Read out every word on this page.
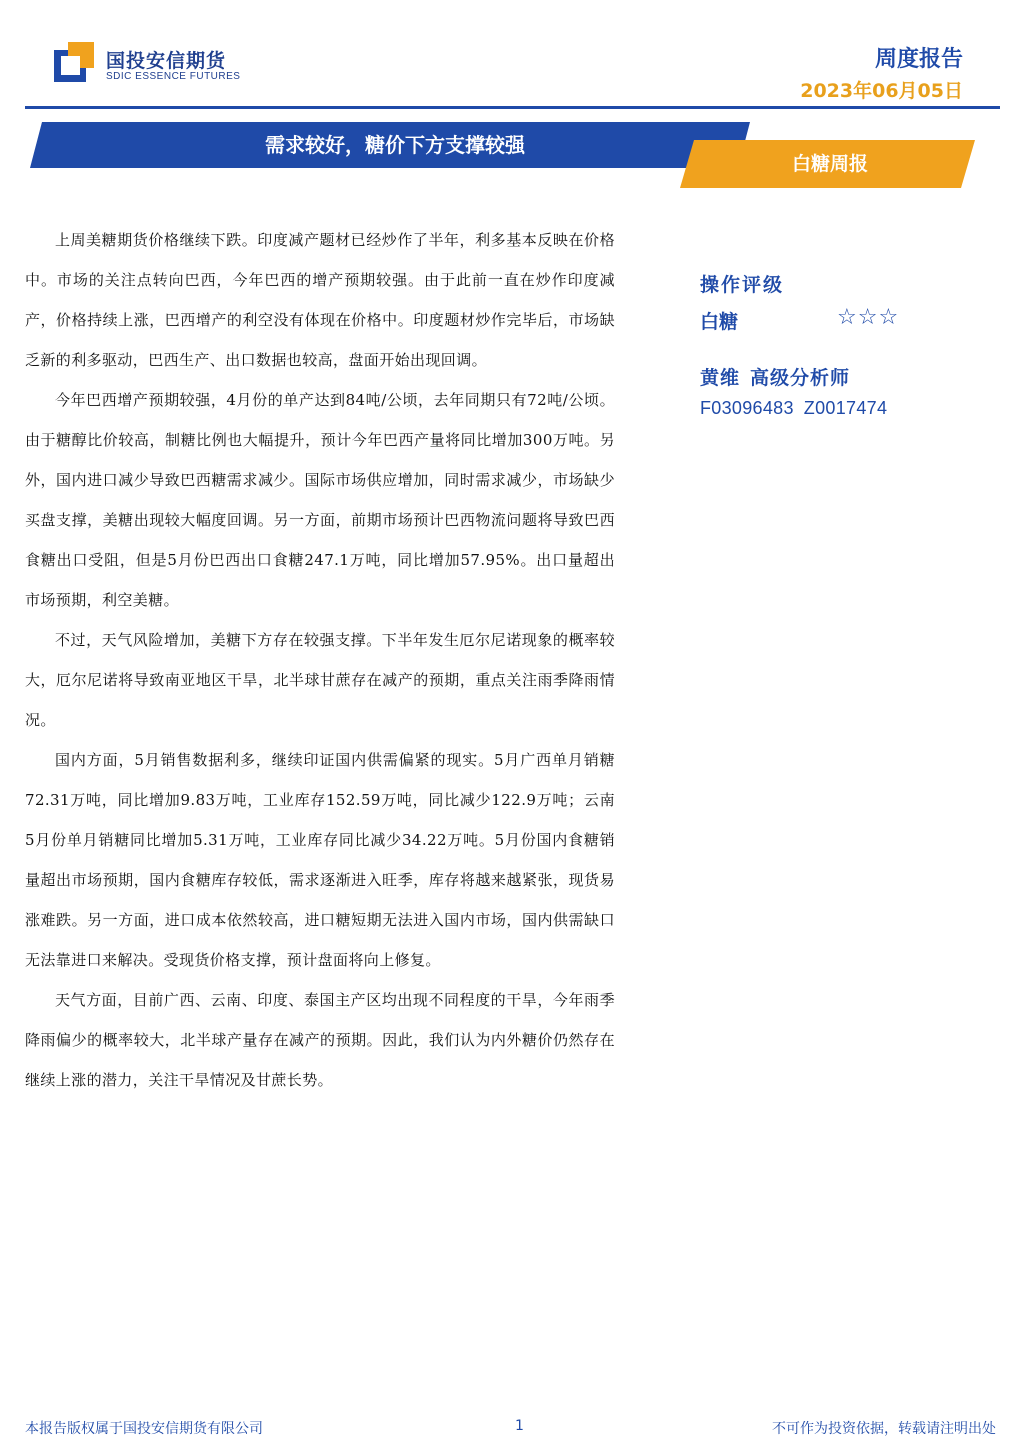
国投安信期货
SDIC ESSENCE FUTURES
周度报告
2023年06月05日
需求较好，糖价下方支撑较强
白糖周报

上周美糖期货价格继续下跌。印度减产题材已经炒作了半年，利多基本反映在价格中。市场的关注点转向巴西，今年巴西的增产预期较强。由于此前一直在炒作印度减产，价格持续上涨，巴西增产的利空没有体现在价格中。印度题材炒作完毕后，市场缺乏新的利多驱动，巴西生产、出口数据也较高，盘面开始出现回调。

今年巴西增产预期较强，4月份的单产达到84吨/公顷，去年同期只有72吨/公顷。由于糖醇比价较高，制糖比例也大幅提升，预计今年巴西产量将同比增加300万吨。另外，国内进口减少导致巴西糖需求减少。国际市场供应增加，同时需求减少，市场缺少买盘支撑，美糖出现较大幅度回调。另一方面，前期市场预计巴西物流问题将导致巴西食糖出口受阻，但是5月份巴西出口食糖247.1万吨，同比增加57.95%。出口量超出市场预期，利空美糖。

不过，天气风险增加，美糖下方存在较强支撑。下半年发生厄尔尼诺现象的概率较大，厄尔尼诺将导致南亚地区干旱，北半球甘蔗存在减产的预期，重点关注雨季降雨情况。

国内方面，5月销售数据利多，继续印证国内供需偏紧的现实。5月广西单月销糖72.31万吨，同比增加9.83万吨，工业库存152.59万吨，同比减少122.9万吨；云南5月份单月销糖同比增加5.31万吨，工业库存同比减少34.22万吨。5月份国内食糖销量超出市场预期，国内食糖库存较低，需求逐渐进入旺季，库存将越来越紧张，现货易涨难跌。另一方面，进口成本依然较高，进口糖短期无法进入国内市场，国内供需缺口无法靠进口来解决。受现货价格支撑，预计盘面将向上修复。

天气方面，目前广西、云南、印度、泰国主产区均出现不同程度的干旱，今年雨季降雨偏少的概率较大，北半球产量存在减产的预期。因此，我们认为内外糖价仍然存在继续上涨的潜力，关注干旱情况及甘蔗长势。

操作评级
白糖	☆☆☆
黄维 高级分析师
F03096483 Z0017474
本报告版权属于国投安信期货有限公司	1	不可作为投资依据，转载请注明出处
